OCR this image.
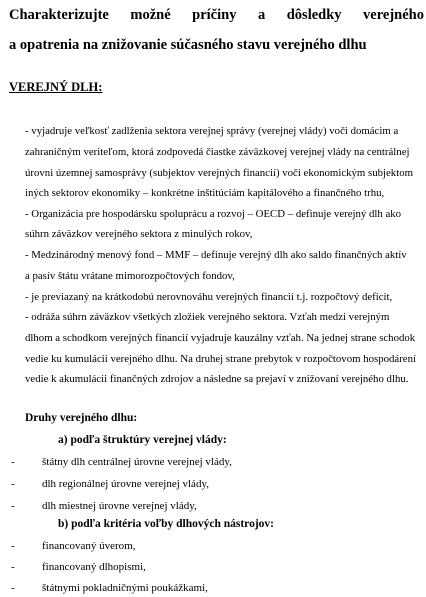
Charakterizujte možné príčiny a dôsledky verejného
a opatrenia na znižovanie súčasného stavu verejného dlhu
VEREJNÝ DLH:
- vyjadruje veľkosť zadlženia sektora verejnej správy (verejnej vlády) voči domácim a
zahraničným veriteľom, ktorá zodpovedá čiastke záväzkovej verejnej vlády na centrálnej
úrovni územnej samosprávy (subjektov verejných financií) voči ekonomickým subjektom
iných sektorov ekonomiky – konkrétne inštitúciám kapitálového a finančného trhu,
- Organizácia pre hospodársku spoluprácu a rozvoj – OECD – definuje verejný dlh ako
súhrn záväzkov verejného sektora z minulých rokov,
- Medzinárodný menový fond – MMF – definuje verejný dlh ako saldo finančných aktív
a pasív štátu vrátane mimorozpočtových fondov,
- je previazaný na krátkodobú nerovnováhu verejných financií t.j. rozpočtový deficit,
- odráža súhrn záväzkov všetkých zložiek verejného sektora. Vzťah medzi verejným
dlhom a schodkom verejných financií vyjadruje kauzálny vzťah. Na jednej strane schodok
vedie ku kumulácii verejného dlhu. Na druhej strane prebytok v rozpočtovom hospodárení
vedie k akumulácii finančných zdrojov a následne sa prejaví v znižovaní verejného dlhu.
Druhy verejného dlhu:
a) podľa štruktúry verejnej vlády:
- štátny dlh centrálnej úrovne verejnej vlády,
- dlh regionálnej úrovne verejnej vlády,
- dlh miestnej úrovne verejnej vlády,
b) podľa kritéria voľby dlhových nástrojov:
- financovaný úverom,
- financovaný dlhopismi,
- štátnymi pokladničnými poukážkami,
